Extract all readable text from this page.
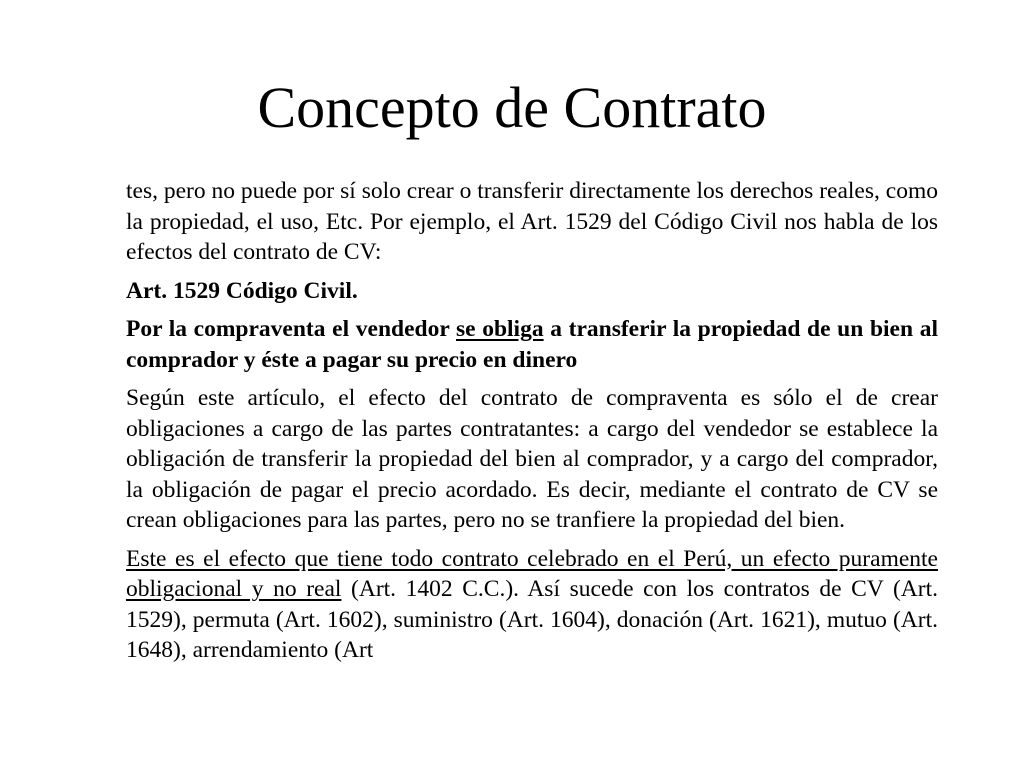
Concepto de Contrato

tes, pero no puede por sí solo crear o transferir directamente los derechos reales, como la propiedad, el uso, Etc. Por ejemplo, el Art. 1529 del Código Civil nos habla de los efectos del contrato de CV:

Art. 1529 Código Civil.

Por la compraventa el vendedor se obliga a transferir la propiedad de un bien al comprador y éste a pagar su precio en dinero

Según este artículo, el efecto del contrato de compraventa es sólo el de crear obligaciones a cargo de las partes contratantes: a cargo del vendedor se establece la obligación de transferir la propiedad del bien al comprador, y a cargo del comprador, la obligación de pagar el precio acordado. Es decir, mediante el contrato de CV se crean obligaciones para las partes, pero no se tranfiere la propiedad del bien.

Este es el efecto que tiene todo contrato celebrado en el Perú, un efecto puramente obligacional y no real (Art. 1402 C.C.). Así sucede con los contratos de CV (Art. 1529), permuta (Art. 1602), suministro (Art. 1604), donación (Art. 1621), mutuo (Art. 1648), arrendamiento (Art
